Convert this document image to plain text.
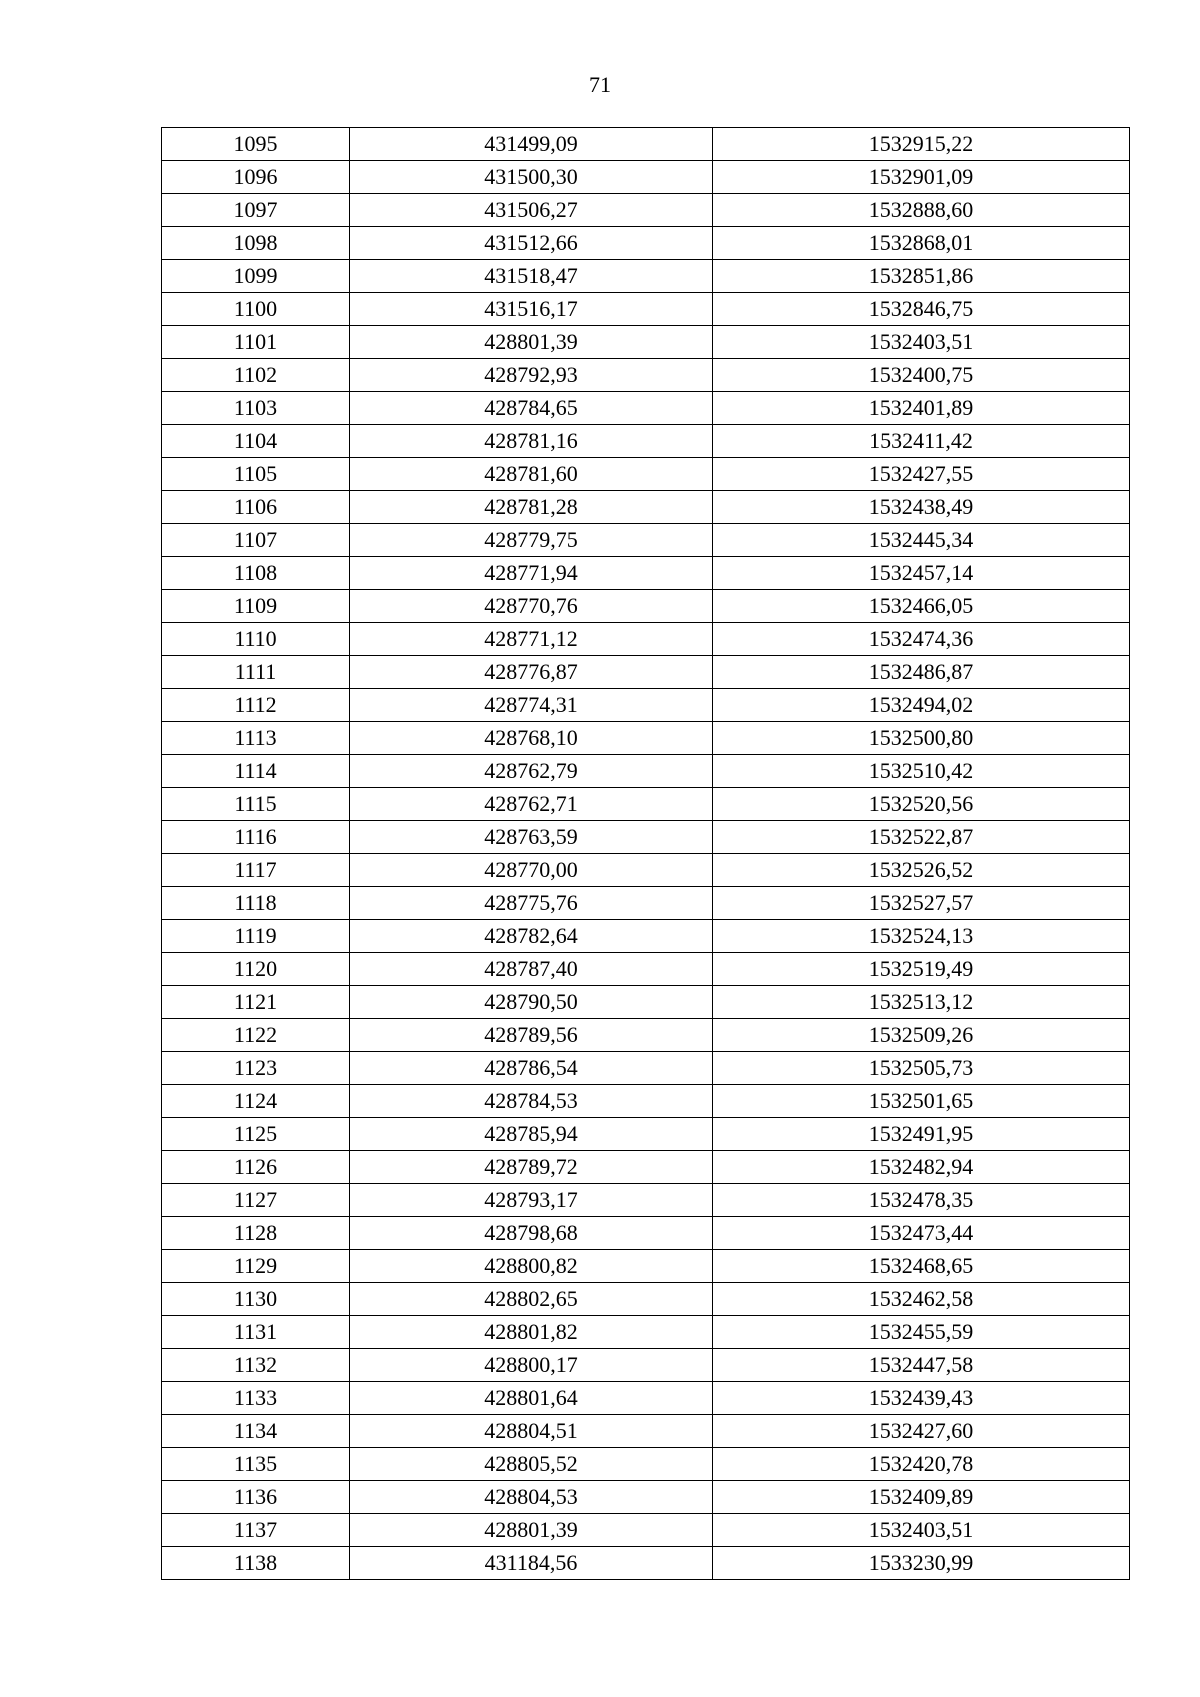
71
1095	431499,09	1532915,22
1096	431500,30	1532901,09
1097	431506,27	1532888,60
1098	431512,66	1532868,01
1099	431518,47	1532851,86
1100	431516,17	1532846,75
1101	428801,39	1532403,51
1102	428792,93	1532400,75
1103	428784,65	1532401,89
1104	428781,16	1532411,42
1105	428781,60	1532427,55
1106	428781,28	1532438,49
1107	428779,75	1532445,34
1108	428771,94	1532457,14
1109	428770,76	1532466,05
1110	428771,12	1532474,36
1111	428776,87	1532486,87
1112	428774,31	1532494,02
1113	428768,10	1532500,80
1114	428762,79	1532510,42
1115	428762,71	1532520,56
1116	428763,59	1532522,87
1117	428770,00	1532526,52
1118	428775,76	1532527,57
1119	428782,64	1532524,13
1120	428787,40	1532519,49
1121	428790,50	1532513,12
1122	428789,56	1532509,26
1123	428786,54	1532505,73
1124	428784,53	1532501,65
1125	428785,94	1532491,95
1126	428789,72	1532482,94
1127	428793,17	1532478,35
1128	428798,68	1532473,44
1129	428800,82	1532468,65
1130	428802,65	1532462,58
1131	428801,82	1532455,59
1132	428800,17	1532447,58
1133	428801,64	1532439,43
1134	428804,51	1532427,60
1135	428805,52	1532420,78
1136	428804,53	1532409,89
1137	428801,39	1532403,51
1138	431184,56	1533230,99
